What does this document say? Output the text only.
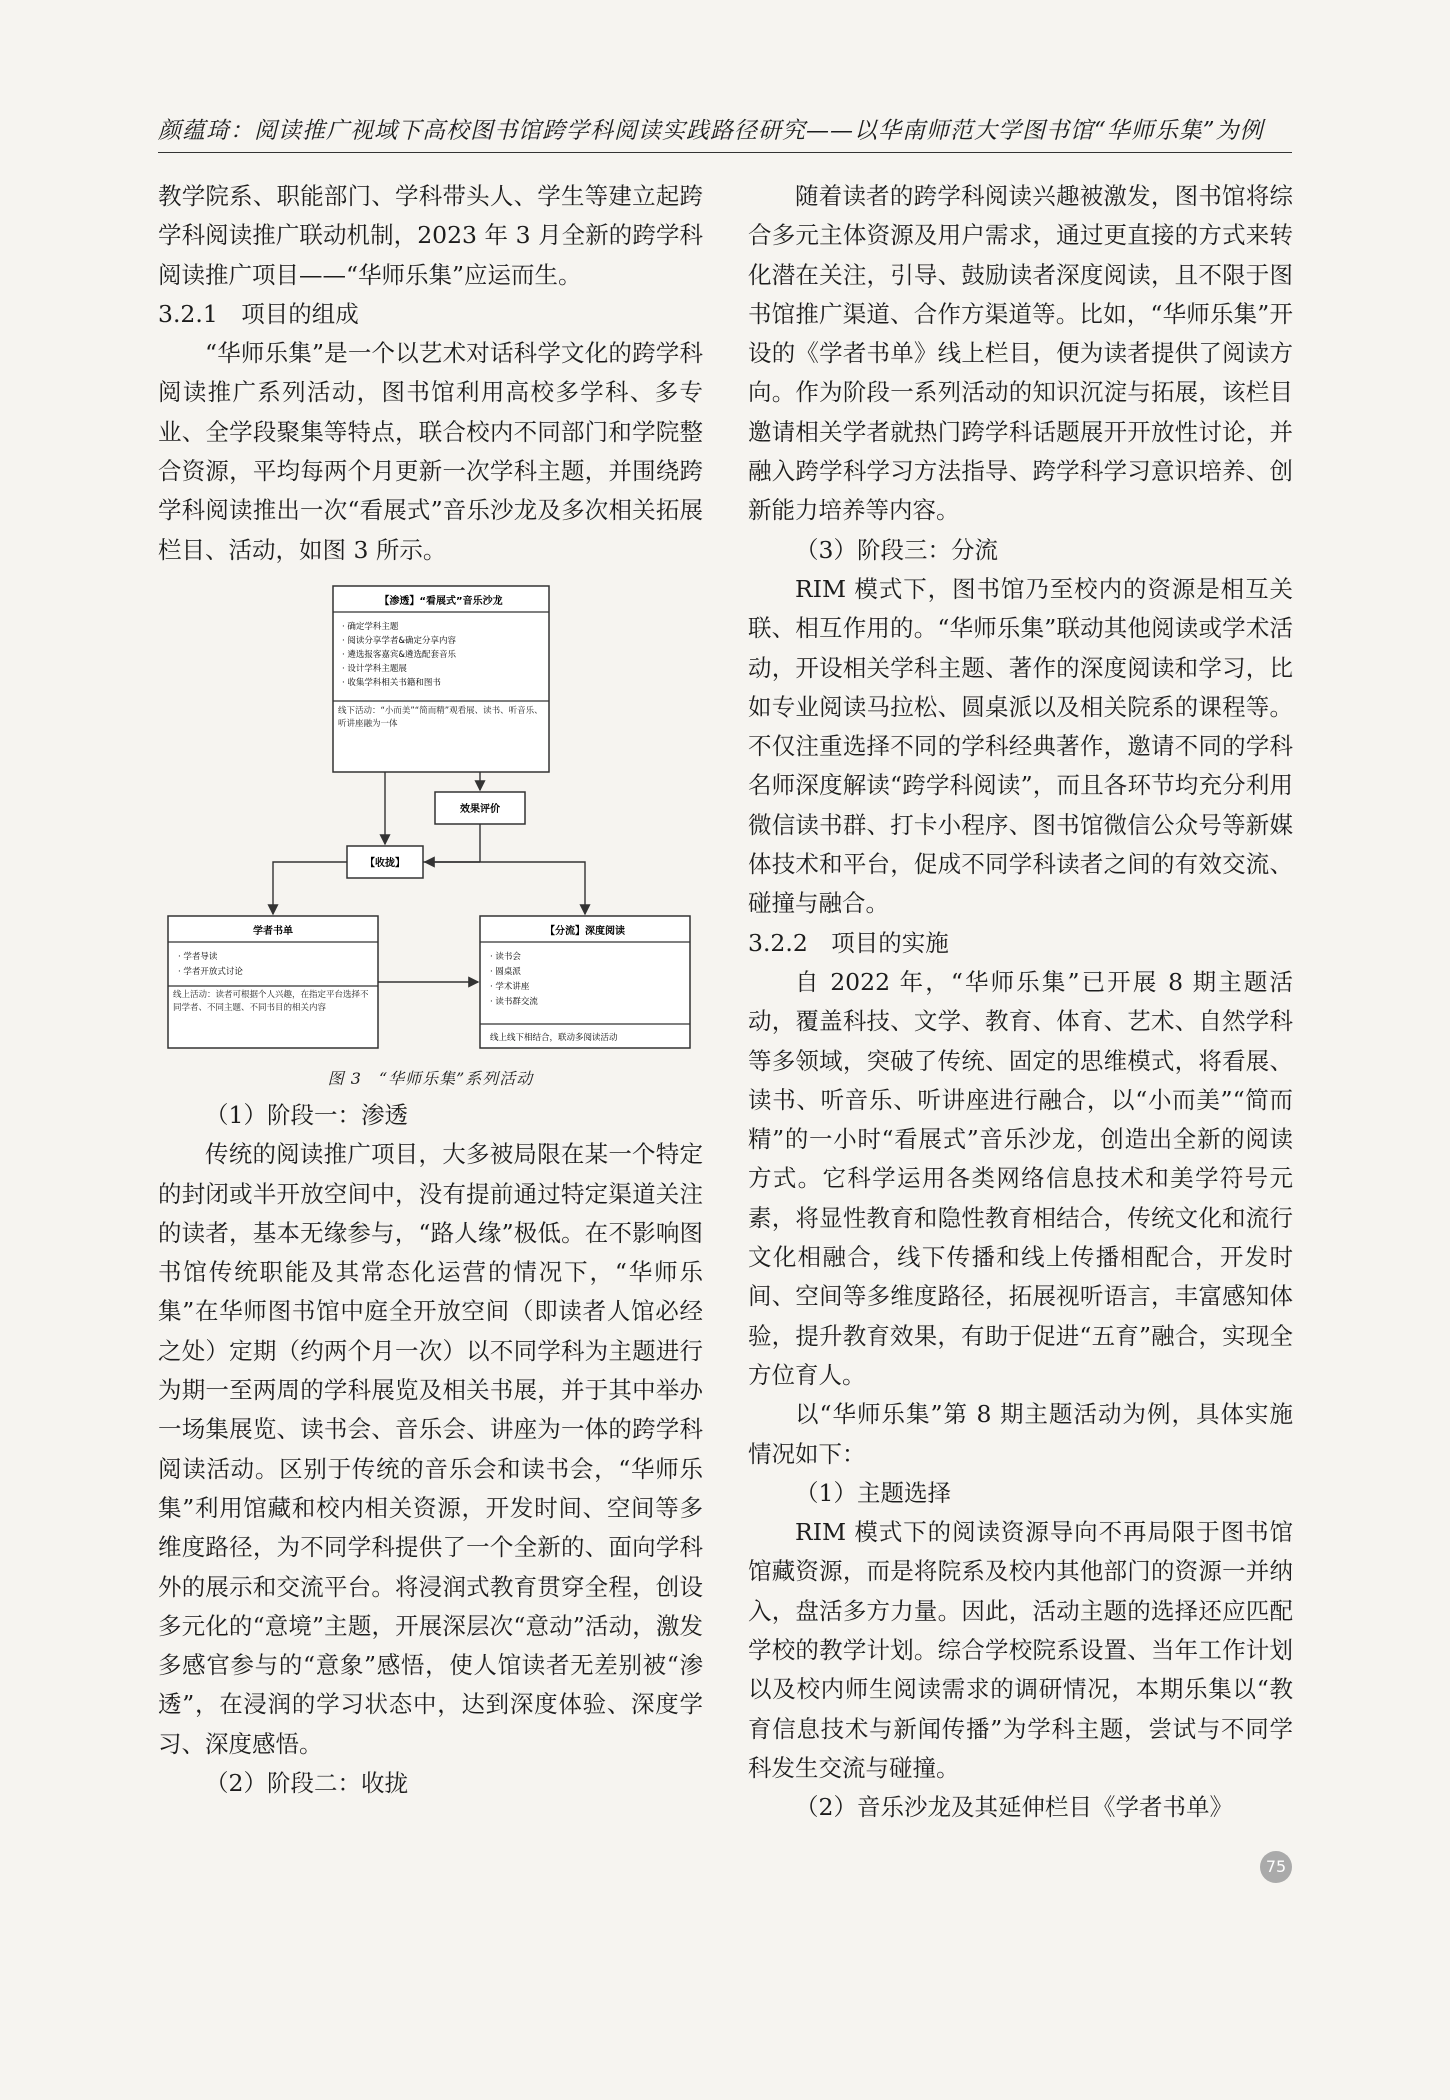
颜蕴琦：阅读推广视域下高校图书馆跨学科阅读实践路径研究——以华南师范大学图书馆“华师乐集”为例

教学院系、职能部门、学科带头人、学生等建立起跨学科阅读推广联动机制，2023 年 3 月全新的跨学科阅读推广项目——“华师乐集”应运而生。

3.2.1　项目的组成

“华师乐集”是一个以艺术对话科学文化的跨学科阅读推广系列活动，图书馆利用高校多学科、多专业、全学段聚集等特点，联合校内不同部门和学院整合资源，平均每两个月更新一次学科主题，并围绕跨学科阅读推出一次“看展式”音乐沙龙及多次相关拓展栏目、活动，如图 3 所示。

【渗透】“看展式”音乐沙龙
· 确定学科主题
· 阅读分享学者&确定分享内容
· 遴选报客嘉宾&遴选配套音乐
· 设计学科主题展
· 收集学科相关书籍和图书
线下活动：“小而美”“简而精”观看展、读书、听音乐、听讲座融为一体
效果评价
【收拢】
学者书单
· 学者导读
· 学者开放式讨论
线上活动：读者可根据个人兴趣，在指定平台选择不同学者、不同主题、不同书目的相关内容
【分流】深度阅读
· 读书会
· 圆桌派
· 学术讲座
· 读书群交流
线上线下相结合，联动多阅读活动
图 3　“华师乐集”系列活动

（1）阶段一：渗透

传统的阅读推广项目，大多被局限在某一个特定的封闭或半开放空间中，没有提前通过特定渠道关注的读者，基本无缘参与，“路人缘”极低。在不影响图书馆传统职能及其常态化运营的情况下，“华师乐集”在华师图书馆中庭全开放空间（即读者人馆必经之处）定期（约两个月一次）以不同学科为主题进行为期一至两周的学科展览及相关书展，并于其中举办一场集展览、读书会、音乐会、讲座为一体的跨学科阅读活动。区别于传统的音乐会和读书会，“华师乐集”利用馆藏和校内相关资源，开发时间、空间等多维度路径，为不同学科提供了一个全新的、面向学科外的展示和交流平台。将浸润式教育贯穿全程，创设多元化的“意境”主题，开展深层次“意动”活动，激发多感官参与的“意象”感悟，使人馆读者无差别被“渗透”，在浸润的学习状态中，达到深度体验、深度学习、深度感悟。

（2）阶段二：收拢

随着读者的跨学科阅读兴趣被激发，图书馆将综合多元主体资源及用户需求，通过更直接的方式来转化潜在关注，引导、鼓励读者深度阅读，且不限于图书馆推广渠道、合作方渠道等。比如，“华师乐集”开设的《学者书单》线上栏目，便为读者提供了阅读方向。作为阶段一系列活动的知识沉淀与拓展，该栏目邀请相关学者就热门跨学科话题展开开放性讨论，并融入跨学科学习方法指导、跨学科学习意识培养、创新能力培养等内容。

（3）阶段三：分流

RIM 模式下，图书馆乃至校内的资源是相互关联、相互作用的。“华师乐集”联动其他阅读或学术活动，开设相关学科主题、著作的深度阅读和学习，比如专业阅读马拉松、圆桌派以及相关院系的课程等。不仅注重选择不同的学科经典著作，邀请不同的学科名师深度解读“跨学科阅读”，而且各环节均充分利用微信读书群、打卡小程序、图书馆微信公众号等新媒体技术和平台，促成不同学科读者之间的有效交流、碰撞与融合。

3.2.2　项目的实施

自 2022 年，“华师乐集”已开展 8 期主题活动，覆盖科技、文学、教育、体育、艺术、自然学科等多领域，突破了传统、固定的思维模式，将看展、读书、听音乐、听讲座进行融合，以“小而美”“简而精”的一小时“看展式”音乐沙龙，创造出全新的阅读方式。它科学运用各类网络信息技术和美学符号元素，将显性教育和隐性教育相结合，传统文化和流行文化相融合，线下传播和线上传播相配合，开发时间、空间等多维度路径，拓展视听语言，丰富感知体验，提升教育效果，有助于促进“五育”融合，实现全方位育人。

以“华师乐集”第 8 期主题活动为例，具体实施情况如下：

（1）主题选择

RIM 模式下的阅读资源导向不再局限于图书馆馆藏资源，而是将院系及校内其他部门的资源一并纳入，盘活多方力量。因此，活动主题的选择还应匹配学校的教学计划。综合学校院系设置、当年工作计划以及校内师生阅读需求的调研情况，本期乐集以“教育信息技术与新闻传播”为学科主题，尝试与不同学科发生交流与碰撞。

（2）音乐沙龙及其延伸栏目《学者书单》

75
